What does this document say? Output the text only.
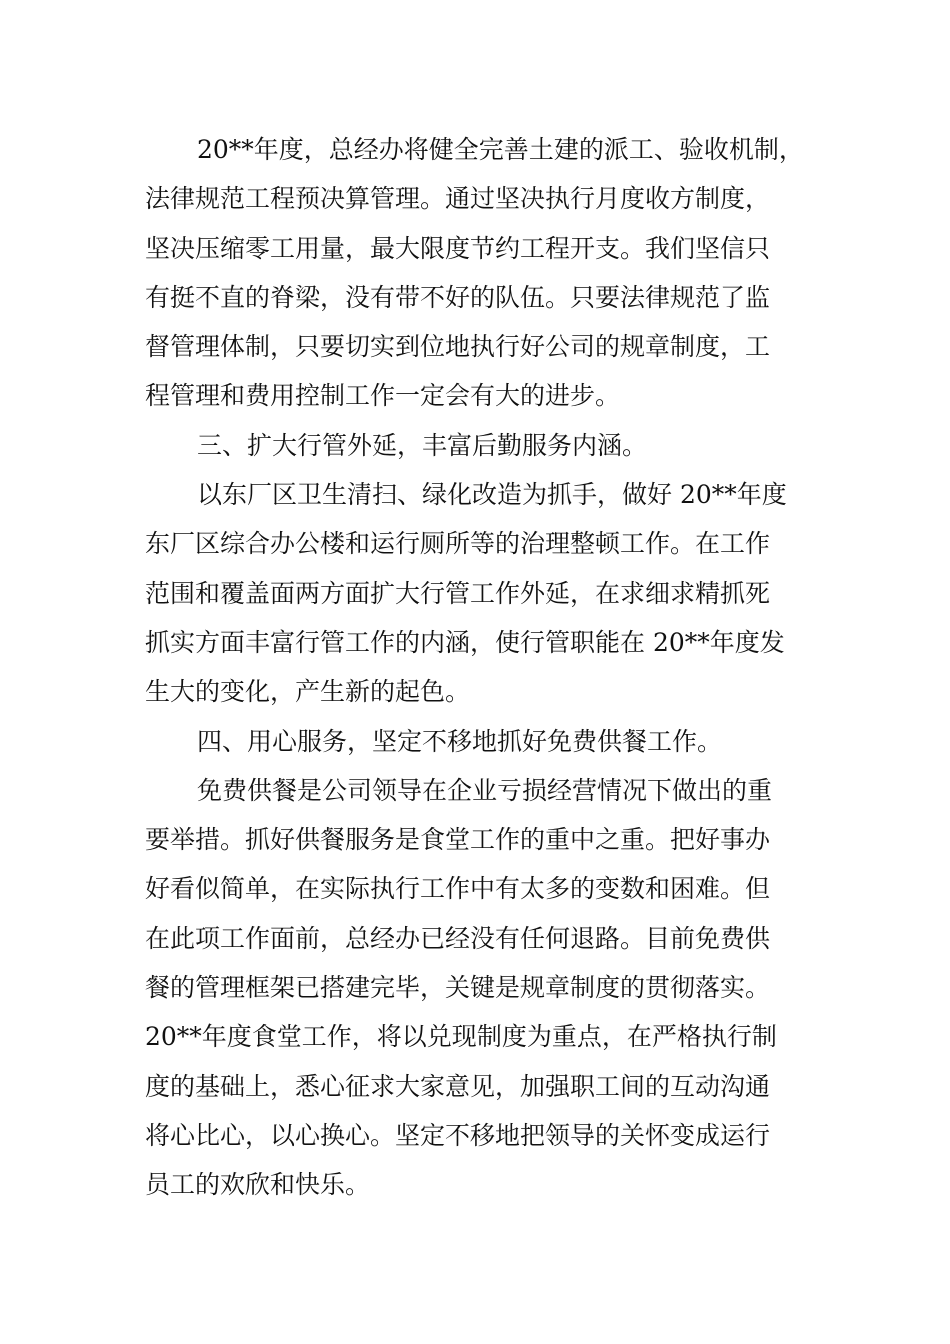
20**年度，总经办将健全完善土建的派工、验收机制，
法律规范工程预决算管理。通过坚决执行月度收方制度，
坚决压缩零工用量，最大限度节约工程开支。我们坚信只
有挺不直的脊梁，没有带不好的队伍。只要法律规范了监
督管理体制，只要切实到位地执行好公司的规章制度，工
程管理和费用控制工作一定会有大的进步。
三、扩大行管外延，丰富后勤服务内涵。
以东厂区卫生清扫、绿化改造为抓手，做好 20**年度
东厂区综合办公楼和运行厕所等的治理整顿工作。在工作
范围和覆盖面两方面扩大行管工作外延，在求细求精抓死
抓实方面丰富行管工作的内涵，使行管职能在 20**年度发
生大的变化，产生新的起色。
四、用心服务，坚定不移地抓好免费供餐工作。
免费供餐是公司领导在企业亏损经营情况下做出的重
要举措。抓好供餐服务是食堂工作的重中之重。把好事办
好看似简单，在实际执行工作中有太多的变数和困难。但
在此项工作面前，总经办已经没有任何退路。目前免费供
餐的管理框架已搭建完毕，关键是规章制度的贯彻落实。
20**年度食堂工作，将以兑现制度为重点，在严格执行制
度的基础上，悉心征求大家意见，加强职工间的互动沟通
将心比心，以心换心。坚定不移地把领导的关怀变成运行
员工的欢欣和快乐。
